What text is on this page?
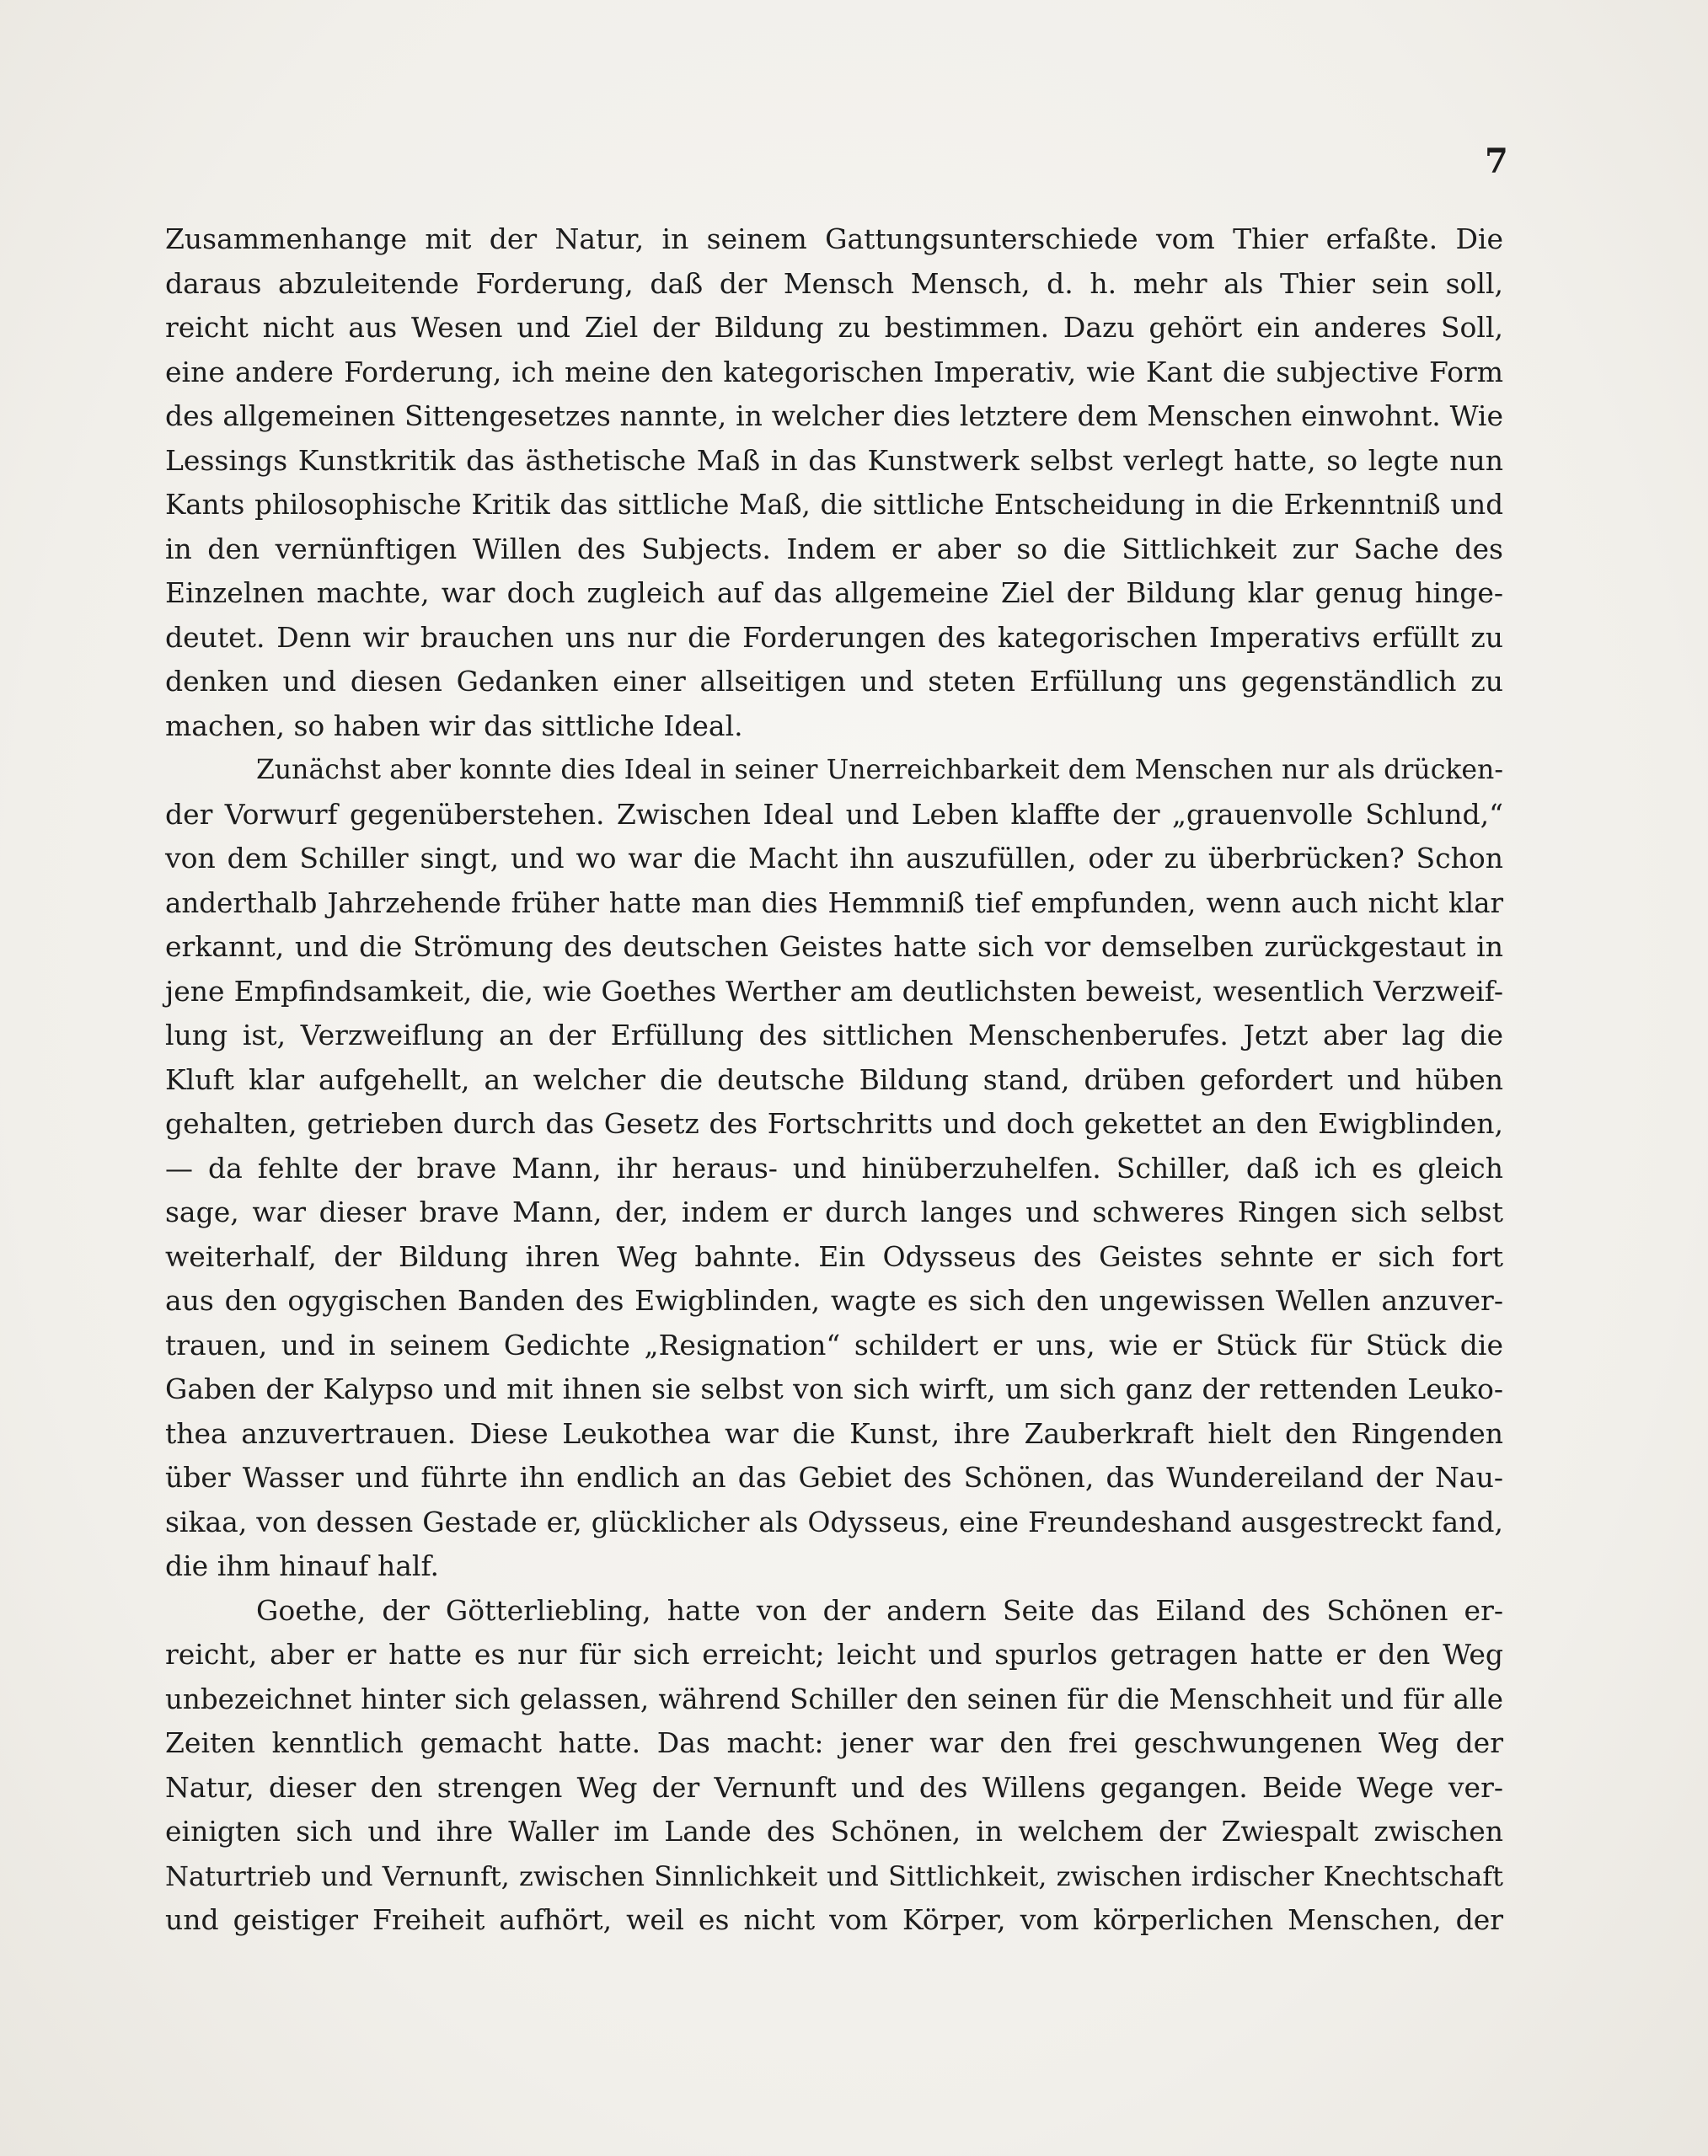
7
Zusammenhange mit der Natur, in seinem Gattungsunterschiede vom Thier erfaßte. Die
daraus abzuleitende Forderung, daß der Mensch Mensch, d. h. mehr als Thier sein soll,
reicht nicht aus Wesen und Ziel der Bildung zu bestimmen. Dazu gehört ein anderes Soll,
eine andere Forderung, ich meine den kategorischen Imperativ, wie Kant die subjective Form
des allgemeinen Sittengesetzes nannte, in welcher dies letztere dem Menschen einwohnt. Wie
Lessings Kunstkritik das ästhetische Maß in das Kunstwerk selbst verlegt hatte, so legte nun
Kants philosophische Kritik das sittliche Maß, die sittliche Entscheidung in die Erkenntniß und
in den vernünftigen Willen des Subjects. Indem er aber so die Sittlichkeit zur Sache des
Einzelnen machte, war doch zugleich auf das allgemeine Ziel der Bildung klar genug hinge-
deutet. Denn wir brauchen uns nur die Forderungen des kategorischen Imperativs erfüllt zu
denken und diesen Gedanken einer allseitigen und steten Erfüllung uns gegenständlich zu
machen, so haben wir das sittliche Ideal.
Zunächst aber konnte dies Ideal in seiner Unerreichbarkeit dem Menschen nur als drücken-
der Vorwurf gegenüberstehen. Zwischen Ideal und Leben klaffte der „grauenvolle Schlund,“
von dem Schiller singt, und wo war die Macht ihn auszufüllen, oder zu überbrücken? Schon
anderthalb Jahrzehende früher hatte man dies Hemmniß tief empfunden, wenn auch nicht klar
erkannt, und die Strömung des deutschen Geistes hatte sich vor demselben zurückgestaut in
jene Empfindsamkeit, die, wie Goethes Werther am deutlichsten beweist, wesentlich Verzweif-
lung ist, Verzweiflung an der Erfüllung des sittlichen Menschenberufes. Jetzt aber lag die
Kluft klar aufgehellt, an welcher die deutsche Bildung stand, drüben gefordert und hüben
gehalten, getrieben durch das Gesetz des Fortschritts und doch gekettet an den Ewigblinden,
— da fehlte der brave Mann, ihr heraus- und hinüberzuhelfen. Schiller, daß ich es gleich
sage, war dieser brave Mann, der, indem er durch langes und schweres Ringen sich selbst
weiterhalf, der Bildung ihren Weg bahnte. Ein Odysseus des Geistes sehnte er sich fort
aus den ogygischen Banden des Ewigblinden, wagte es sich den ungewissen Wellen anzuver-
trauen, und in seinem Gedichte „Resignation“ schildert er uns, wie er Stück für Stück die
Gaben der Kalypso und mit ihnen sie selbst von sich wirft, um sich ganz der rettenden Leuko-
thea anzuvertrauen. Diese Leukothea war die Kunst, ihre Zauberkraft hielt den Ringenden
über Wasser und führte ihn endlich an das Gebiet des Schönen, das Wundereiland der Nau-
sikaa, von dessen Gestade er, glücklicher als Odysseus, eine Freundeshand ausgestreckt fand,
die ihm hinauf half.
Goethe, der Götterliebling, hatte von der andern Seite das Eiland des Schönen er-
reicht, aber er hatte es nur für sich erreicht; leicht und spurlos getragen hatte er den Weg
unbezeichnet hinter sich gelassen, während Schiller den seinen für die Menschheit und für alle
Zeiten kenntlich gemacht hatte. Das macht: jener war den frei geschwungenen Weg der
Natur, dieser den strengen Weg der Vernunft und des Willens gegangen. Beide Wege ver-
einigten sich und ihre Waller im Lande des Schönen, in welchem der Zwiespalt zwischen
Naturtrieb und Vernunft, zwischen Sinnlichkeit und Sittlichkeit, zwischen irdischer Knechtschaft
und geistiger Freiheit aufhört, weil es nicht vom Körper, vom körperlichen Menschen, der
